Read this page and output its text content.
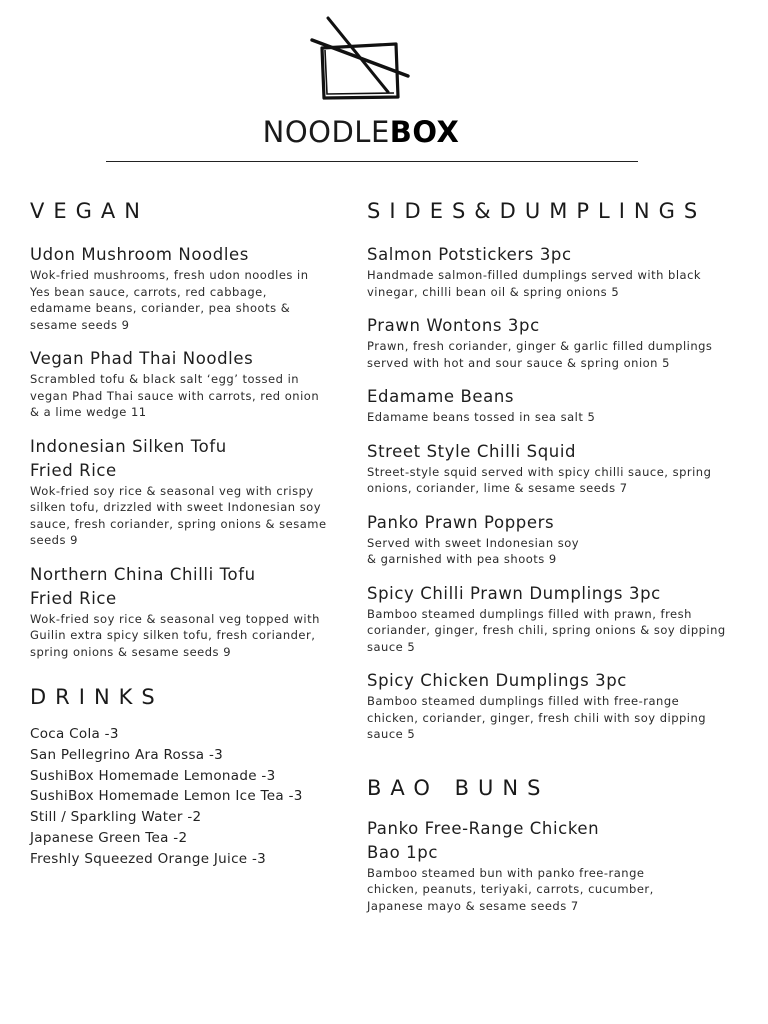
NOODLEBOX
VEGAN
Udon Mushroom Noodles
Wok-fried mushrooms, fresh udon noodles in Yes bean sauce, carrots, red cabbage, edamame beans, coriander, pea shoots & sesame seeds 9
Vegan Phad Thai Noodles
Scrambled tofu & black salt ‘egg’ tossed in vegan Phad Thai sauce with carrots, red onion & a lime wedge 11
Indonesian Silken Tofu Fried Rice
Wok-fried soy rice & seasonal veg with crispy silken tofu, drizzled with sweet Indonesian soy sauce, fresh coriander, spring onions & sesame seeds 9
Northern China Chilli Tofu Fried Rice
Wok-fried soy rice & seasonal veg topped with Guilin extra spicy silken tofu, fresh coriander, spring onions & sesame seeds 9
DRINKS
Coca Cola -3
San Pellegrino Ara Rossa -3
SushiBox Homemade Lemonade -3
SushiBox Homemade Lemon Ice Tea -3
Still / Sparkling Water -2
Japanese Green Tea -2
Freshly Squeezed Orange Juice -3
SIDES&DUMPLINGS
Salmon Potstickers 3pc
Handmade salmon-filled dumplings served with black vinegar, chilli bean oil & spring onions 5
Prawn Wontons 3pc
Prawn, fresh coriander, ginger & garlic filled dumplings served with hot and sour sauce & spring onion 5
Edamame Beans
Edamame beans tossed in sea salt 5
Street Style Chilli Squid
Street-style squid served with spicy chilli sauce, spring onions, coriander, lime & sesame seeds 7
Panko Prawn Poppers
Served with sweet Indonesian soy & garnished with pea shoots 9
Spicy Chilli Prawn Dumplings 3pc
Bamboo steamed dumplings filled with prawn, fresh coriander, ginger, fresh chili, spring onions & soy dipping sauce 5
Spicy Chicken Dumplings 3pc
Bamboo steamed dumplings filled with free-range chicken, coriander, ginger, fresh chili with soy dipping sauce 5
BAO BUNS
Panko Free-Range Chicken Bao 1pc
Bamboo steamed bun with panko free-range chicken, peanuts, teriyaki, carrots, cucumber, Japanese mayo & sesame seeds 7
